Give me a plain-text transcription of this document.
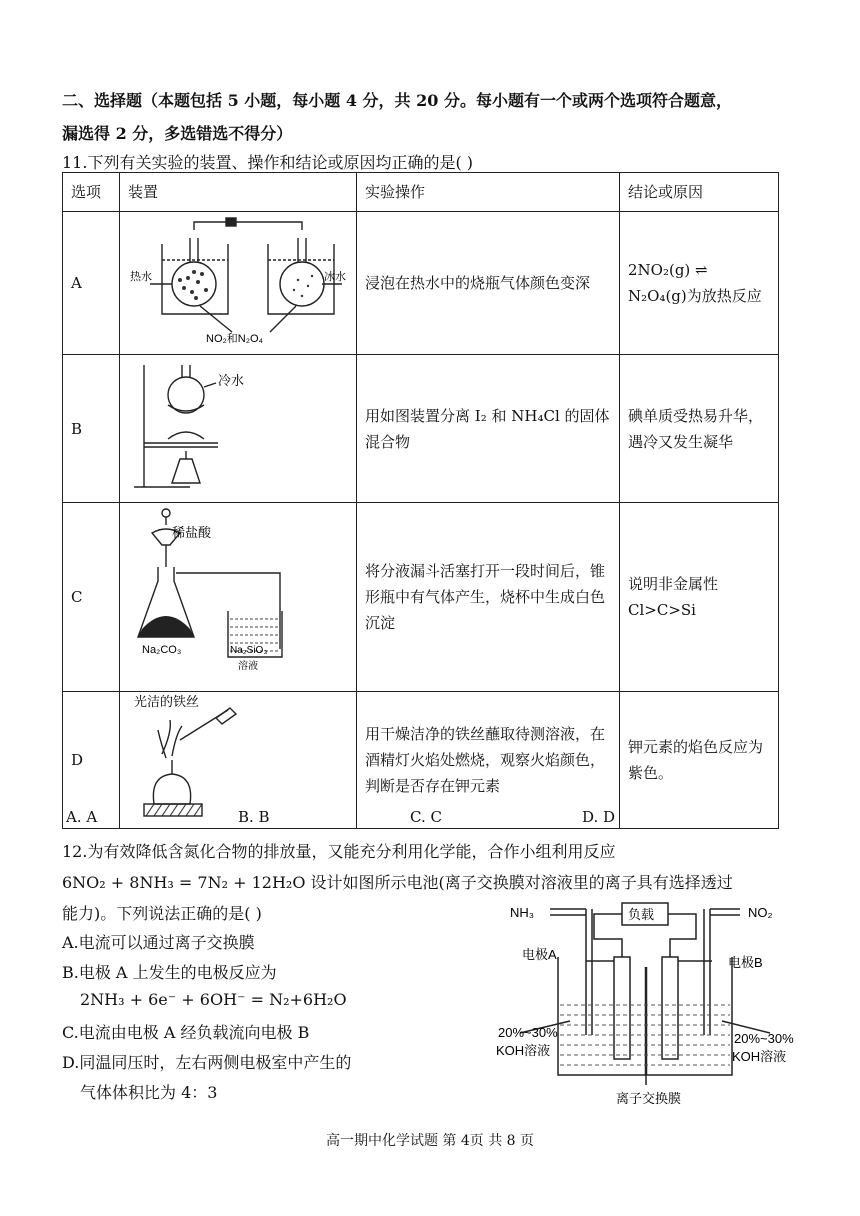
二、选择题（本题包括 5 小题，每小题 4 分，共 20 分。每小题有一个或两个选项符合题意，
漏选得 2 分，多选错选不得分）
11.下列有关实验的装置、操作和结论或原因均正确的是( )
选项	装置	实验操作	结论或原因
A	热水 冰水
NO₂和N₂O₄	浸泡在热水中的烧瓶气体颜色变深	2NO₂(g) ⇌ N₂O₄(g)为放热反应
B	冷水	用如图装置分离 I₂ 和 NH₄Cl 的固体混合物	碘单质受热易升华，遇冷又发生凝华
C	稀盐酸
Na₂CO₃ Na₂SiO₃
溶液	将分液漏斗活塞打开一段时间后，锥形瓶中有气体产生，烧杯中生成白色沉淀	说明非金属性 Cl>C>Si
D	光洁的铁丝	用干燥洁净的铁丝蘸取待测溶液，在酒精灯火焰处燃烧，观察火焰颜色，判断是否存在钾元素	钾元素的焰色反应为紫色。
A. A	B. B	C. C	D. D
12.为有效降低含氮化合物的排放量，又能充分利用化学能，合作小组利用反应
6NO₂ + 8NH₃ = 7N₂ + 12H₂O 设计如图所示电池(离子交换膜对溶液里的离子具有选择透过
能力)。下列说法正确的是( )
A.电流可以通过离子交换膜
B.电极 A 上发生的电极反应为
2NH₃ + 6e⁻ + 6OH⁻ = N₂+6H₂O
C.电流由电极 A 经负载流向电极 B
D.同温同压时，左右两侧电极室中产生的
气体体积比为 4：3
NH₃	NO₂
负载
电极A
电极B
20%~30%
KOH溶液
20%~30%
KOH溶液
离子交换膜
高一期中化学试题 第 4页 共 8 页
